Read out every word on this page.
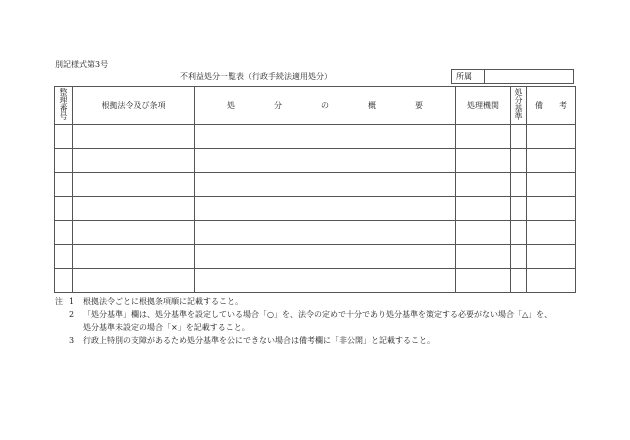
別記様式第3号
不利益処分一覧表（行政手続法適用処分）	所属
整理番号	根拠法令及び条項	処 分 の 概 要	処理機関	処分基準	備 考

注 1	根拠法令ごとに根拠条項順に記載すること。
2	「処分基準」欄は、処分基準を設定している場合「○」を、法令の定めで十分であり処分基準を策定する必要がない場合「△」を、
処分基準未設定の場合「×」を記載すること。
3	行政上特別の支障があるため処分基準を公にできない場合は備考欄に「非公開」と記載すること。
